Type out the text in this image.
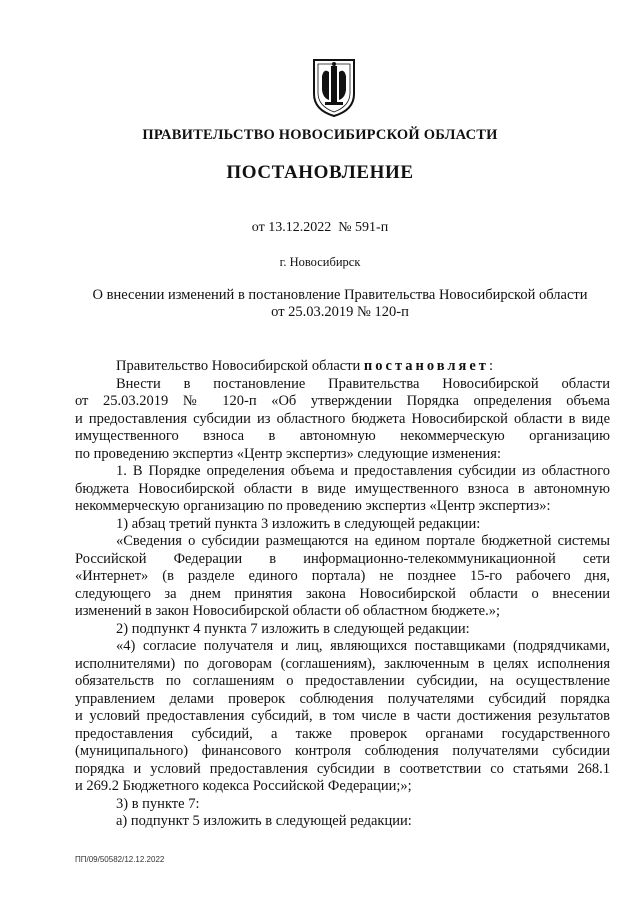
ПРАВИТЕЛЬСТВО НОВОСИБИРСКОЙ ОБЛАСТИ
ПОСТАНОВЛЕНИЕ
от 13.12.2022  № 591-п
г. Новосибирск
О внесении изменений в постановление Правительства Новосибирской области
от 25.03.2019 № 120-п
Правительство Новосибирской области постановляет:
Внести в постановление Правительства Новосибирской области
от 25.03.2019 № 120-п «Об утверждении Порядка определения объема
и предоставления субсидии из областного бюджета Новосибирской области в виде
имущественного взноса в автономную некоммерческую организацию
по проведению экспертиз «Центр экспертиз» следующие изменения:
1. В Порядке определения объема и предоставления субсидии из областного
бюджета Новосибирской области в виде имущественного взноса в автономную
некоммерческую организацию по проведению экспертиз «Центр экспертиз»:
1) абзац третий пункта 3 изложить в следующей редакции:
«Сведения о субсидии размещаются на едином портале бюджетной системы
Российской Федерации в информационно-телекоммуникационной сети
«Интернет» (в разделе единого портала) не позднее 15-го рабочего дня,
следующего за днем принятия закона Новосибирской области о внесении
изменений в закон Новосибирской области об областном бюджете.»;
2) подпункт 4 пункта 7 изложить в следующей редакции:
«4) согласие получателя и лиц, являющихся поставщиками (подрядчиками,
исполнителями) по договорам (соглашениям), заключенным в целях исполнения
обязательств по соглашениям о предоставлении субсидии, на осуществление
управлением делами проверок соблюдения получателями субсидий порядка
и условий предоставления субсидий, в том числе в части достижения результатов
предоставления субсидий, а также проверок органами государственного
(муниципального) финансового контроля соблюдения получателями субсидии
порядка и условий предоставления субсидии в соответствии со статьями 268.1
и 269.2 Бюджетного кодекса Российской Федерации;»;
3) в пункте 7:
а) подпункт 5 изложить в следующей редакции:
ПП/09/50582/12.12.2022
